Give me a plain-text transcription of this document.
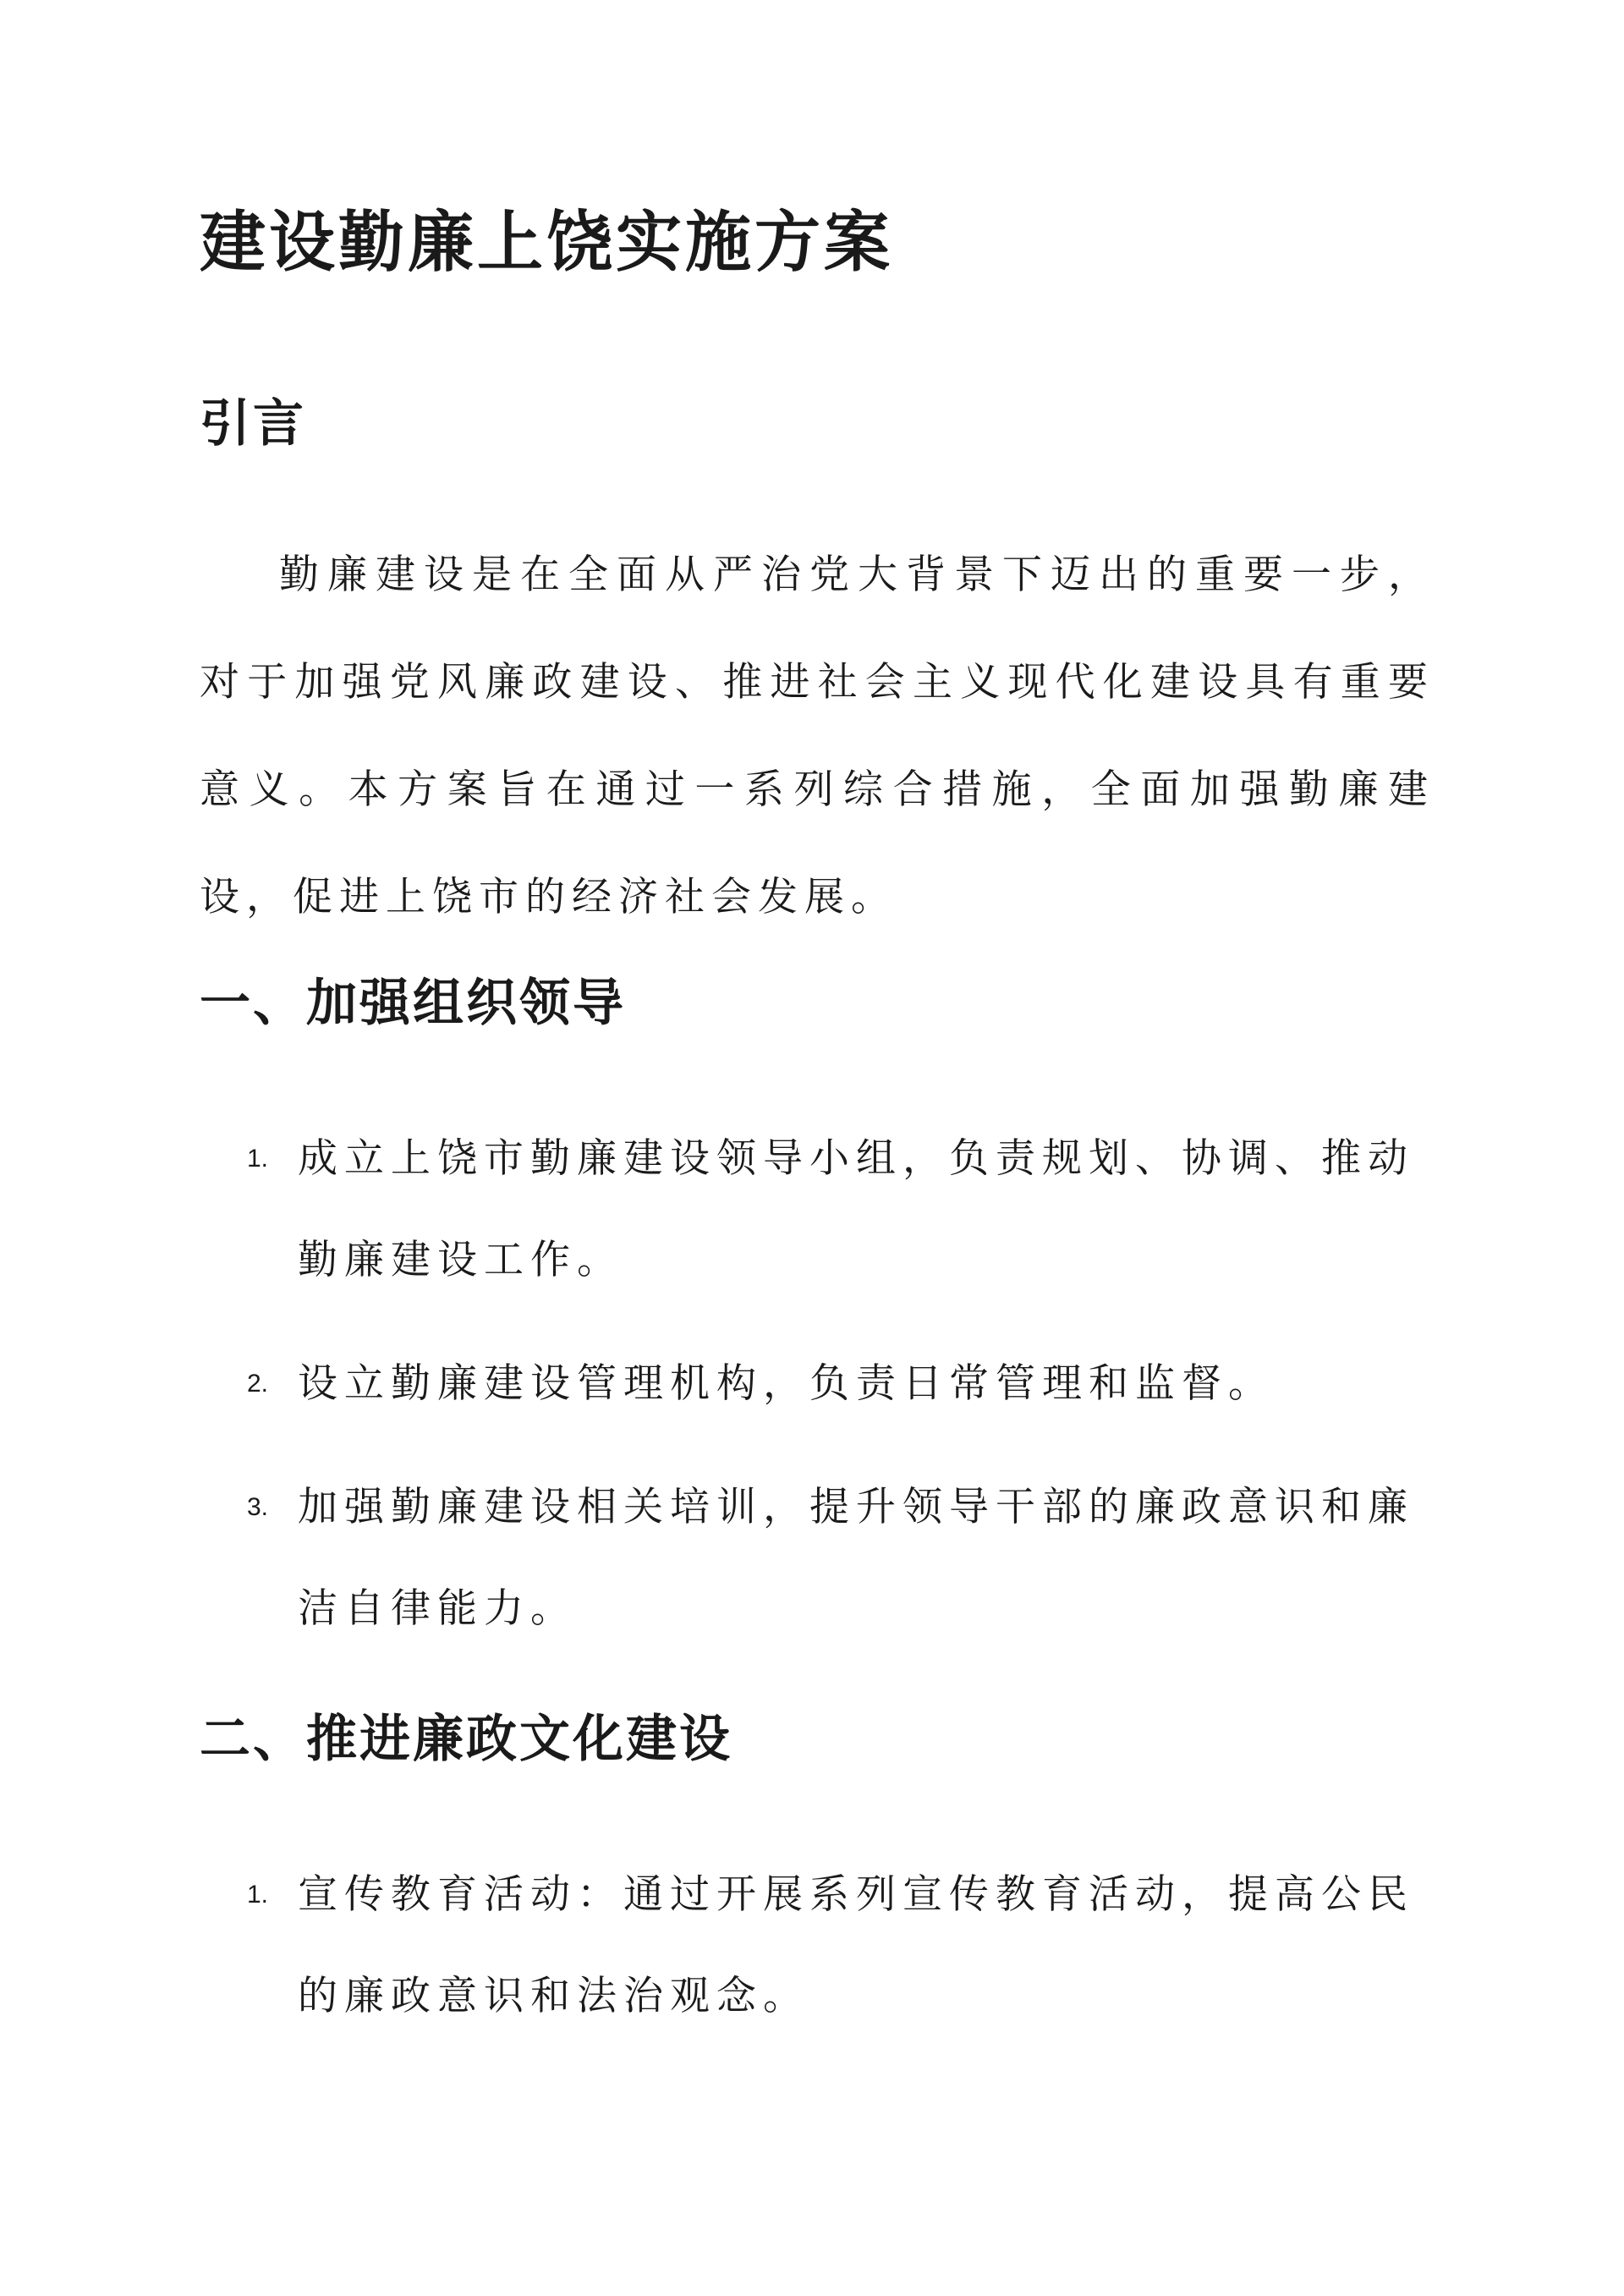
建设勤廉上饶实施方案
引言

勤廉建设是在全面从严治党大背景下迈出的重要一步，对于加强党风廉政建设、推进社会主义现代化建设具有重要意义。本方案旨在通过一系列综合措施，全面加强勤廉建设，促进上饶市的经济社会发展。

一、加强组织领导
1. 成立上饶市勤廉建设领导小组，负责规划、协调、推动勤廉建设工作。
2. 设立勤廉建设管理机构，负责日常管理和监督。
3. 加强勤廉建设相关培训，提升领导干部的廉政意识和廉洁自律能力。
二、推进廉政文化建设
1. 宣传教育活动：通过开展系列宣传教育活动，提高公民的廉政意识和法治观念。
